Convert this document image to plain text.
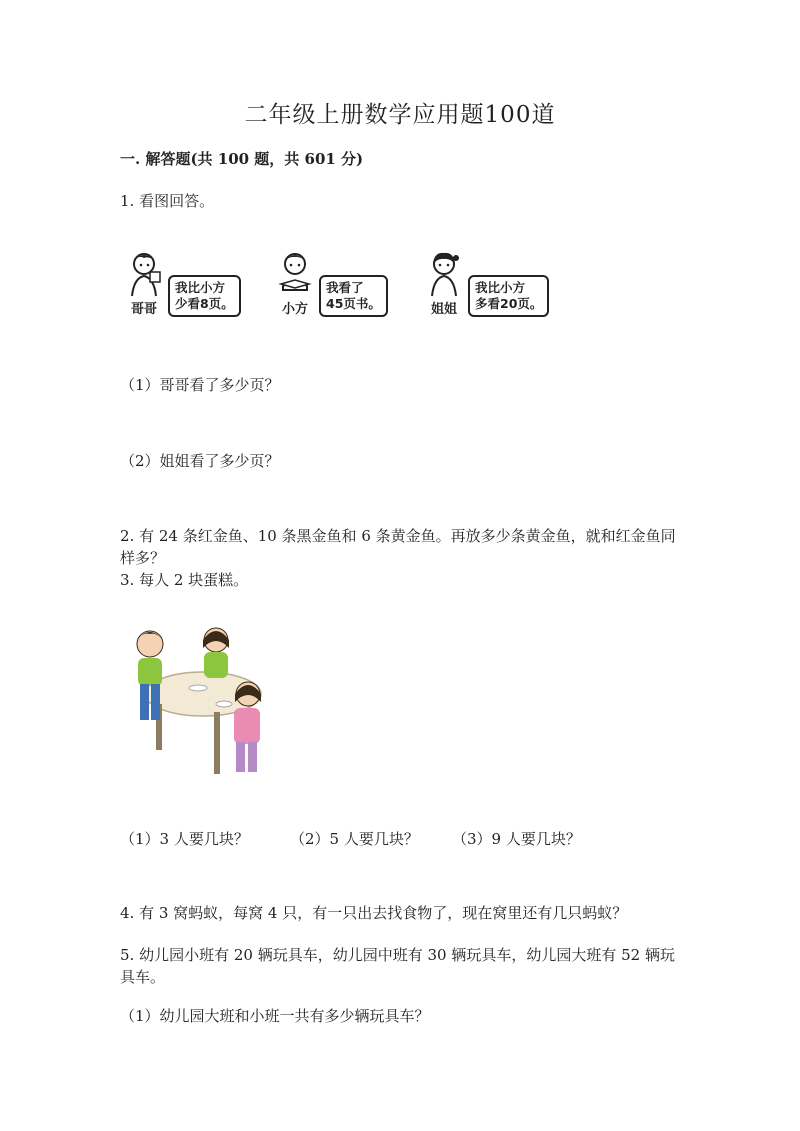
二年级上册数学应用题100道
一. 解答题(共 100 题，共 601 分)
1. 看图回答。
哥哥
我比小方
少看8页。	小方
我看了
45页书。	姐姐
我比小方
多看20页。
（1）哥哥看了多少页？
（2）姐姐看了多少页？
2. 有 24 条红金鱼、10 条黑金鱼和 6 条黄金鱼。再放多少条黄金鱼，就和红金鱼同样多？
3. 每人 2 块蛋糕。
（1）3 人要几块？	（2）5 人要几块？ （3）9 人要几块？
4. 有 3 窝蚂蚁，每窝 4 只，有一只出去找食物了，现在窝里还有几只蚂蚁？
5. 幼儿园小班有 20 辆玩具车，幼儿园中班有 30 辆玩具车，幼儿园大班有 52 辆玩具车。
（1）幼儿园大班和小班一共有多少辆玩具车？
